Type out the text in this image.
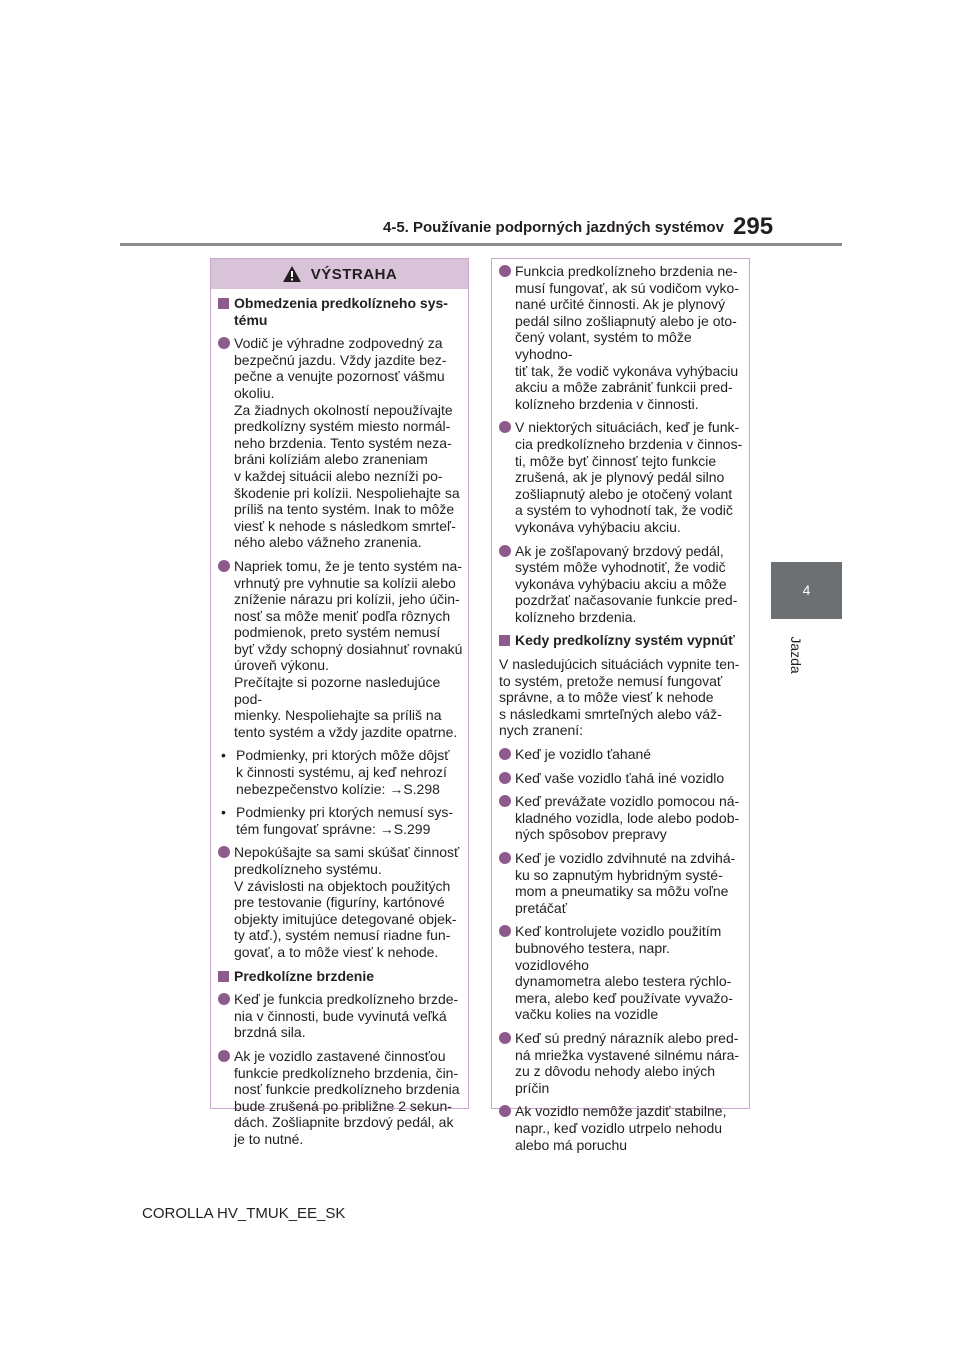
4-5. Používanie podporných jazdných systémov 295
4
Jazda
VÝSTRAHA
Obmedzenia predkolízneho sys-
tému
Vodič je výhradne zodpovedný za
bezpečnú jazdu. Vždy jazdite bez-
pečne a venujte pozornosť vášmu
okoliu.
Za žiadnych okolností nepoužívajte
predkolízny systém miesto normál-
neho brzdenia. Tento systém neza-
bráni kolíziám alebo zraneniam
v každej situácii alebo nezníži po-
škodenie pri kolízii. Nespoliehajte sa
príliš na tento systém. Inak to môže
viesť k nehode s následkom smrteľ-
ného alebo vážneho zranenia.
Napriek tomu, že je tento systém na-
vrhnutý pre vyhnutie sa kolízii alebo
zníženie nárazu pri kolízii, jeho účin-
nosť sa môže meniť podľa rôznych
podmienok, preto systém nemusí
byť vždy schopný dosiahnuť rovnakú
úroveň výkonu.
Prečítajte si pozorne nasledujúce pod-
mienky. Nespoliehajte sa príliš na
tento systém a vždy jazdite opatrne.
• Podmienky, pri ktorých môže dôjsť
k činnosti systému, aj keď nehrozí
nebezpečenstvo kolízie: →S.298
• Podmienky pri ktorých nemusí sys-
tém fungovať správne: →S.299
Nepokúšajte sa sami skúšať činnosť
predkolízneho systému.
V závislosti na objektoch použitých
pre testovanie (figuríny, kartónové
objekty imitujúce detegované objek-
ty atď.), systém nemusí riadne fun-
govať, a to môže viesť k nehode.
Predkolízne brzdenie
Keď je funkcia predkolízneho brzde-
nia v činnosti, bude vyvinutá veľká
brzdná sila.
Ak je vozidlo zastavené činnosťou
funkcie predkolízneho brzdenia, čin-
nosť funkcie predkolízneho brzdenia
bude zrušená po približne 2 sekun-
dách. Zošliapnite brzdový pedál, ak
je to nutné.
Funkcia predkolízneho brzdenia ne-
musí fungovať, ak sú vodičom vyko-
nané určité činnosti. Ak je plynový
pedál silno zošliapnutý alebo je oto-
čený volant, systém to môže vyhodno-
tiť tak, že vodič vykonáva vyhýbaciu
akciu a môže zabrániť funkcii pred-
kolízneho brzdenia v činnosti.
V niektorých situáciách, keď je funk-
cia predkolízneho brzdenia v činnos-
ti, môže byť činnosť tejto funkcie
zrušená, ak je plynový pedál silno
zošliapnutý alebo je otočený volant
a systém to vyhodnotí tak, že vodič
vykonáva vyhýbaciu akciu.
Ak je zošľapovaný brzdový pedál,
systém môže vyhodnotiť, že vodič
vykonáva vyhýbaciu akciu a môže
pozdržať načasovanie funkcie pred-
kolízneho brzdenia.
Kedy predkolízny systém vypnúť
V nasledujúcich situáciách vypnite ten-
to systém, pretože nemusí fungovať
správne, a to môže viesť k nehode
s následkami smrteľných alebo váž-
nych zranení:
Keď je vozidlo ťahané
Keď vaše vozidlo ťahá iné vozidlo
Keď prevážate vozidlo pomocou ná-
kladného vozidla, lode alebo podob-
ných spôsobov prepravy
Keď je vozidlo zdvihnuté na zdvihá-
ku so zapnutým hybridným systé-
mom a pneumatiky sa môžu voľne
pretáčať
Keď kontrolujete vozidlo použitím
bubnového testera, napr. vozidlového
dynamometra alebo testera rýchlo-
mera, alebo keď používate vyvažo-
vačku kolies na vozidle
Keď sú predný nárazník alebo pred-
ná mriežka vystavené silnému nára-
zu z dôvodu nehody alebo iných
príčin
Ak vozidlo nemôže jazdiť stabilne,
napr., keď vozidlo utrpelo nehodu
alebo má poruchu
COROLLA HV_TMUK_EE_SK
